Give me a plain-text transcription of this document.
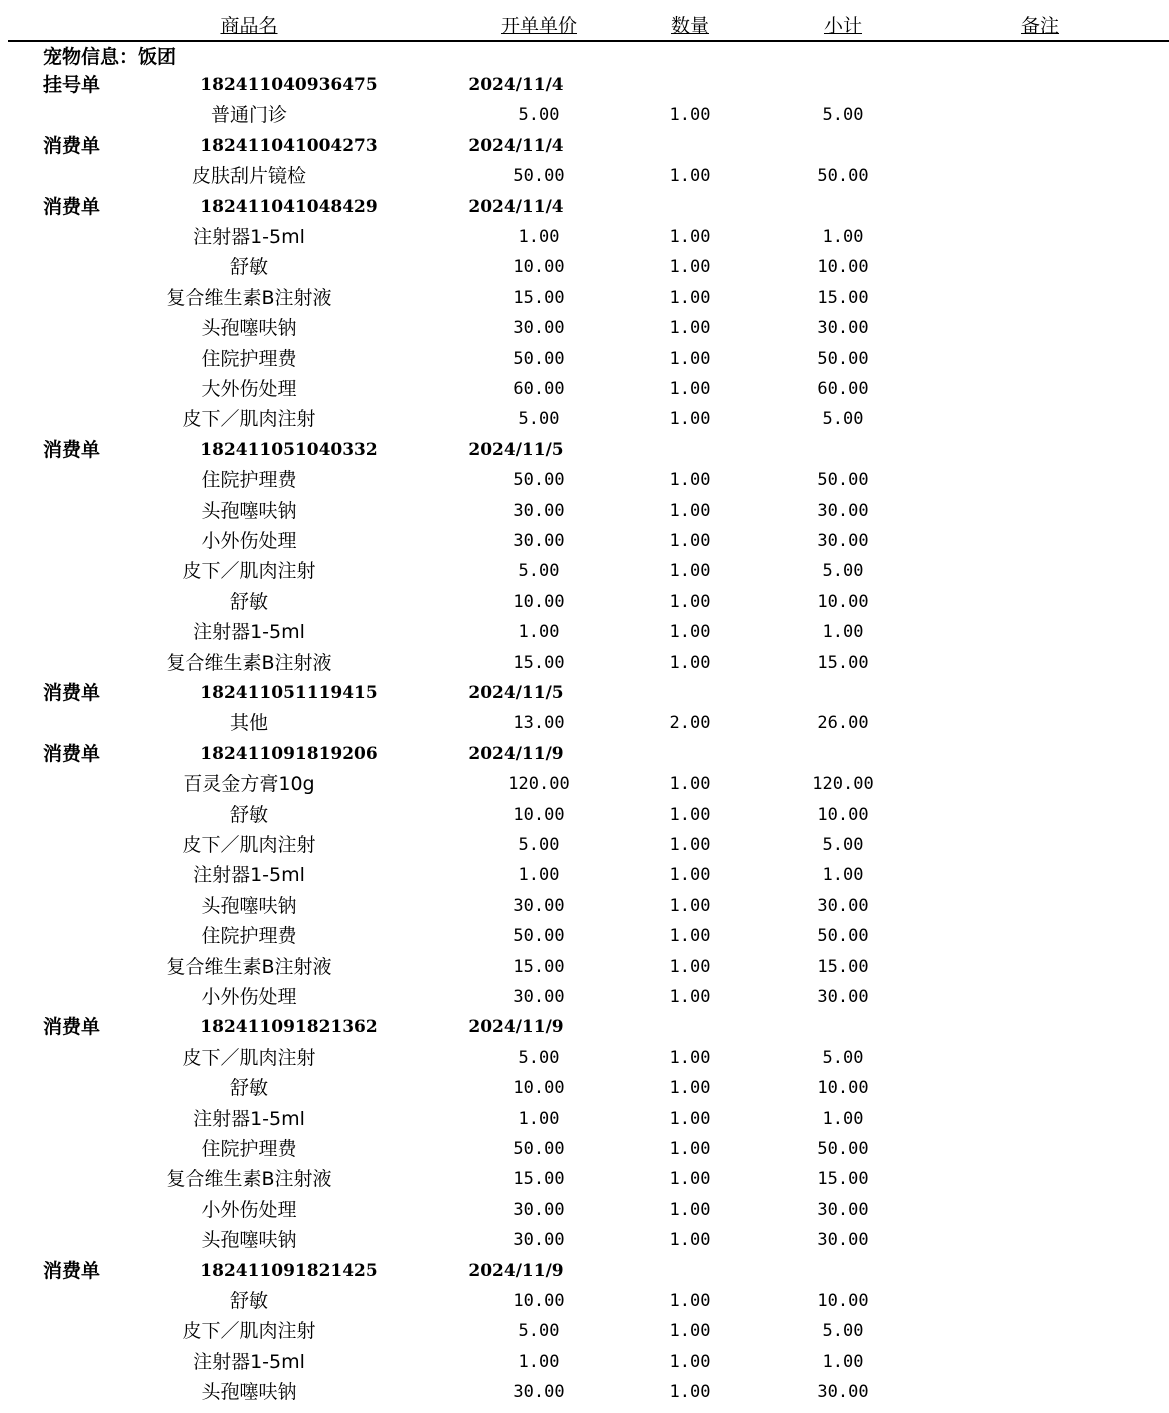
商品名	开单单价	数量	小计	备注
宠物信息：饭团
挂号单	182411040936475	2024/11/4
普通门诊	5.00	1.00	5.00
消费单	182411041004273	2024/11/4
皮肤刮片镜检	50.00	1.00	50.00
消费单	182411041048429	2024/11/4
注射器1-5ml	1.00	1.00	1.00
舒敏	10.00	1.00	10.00
复合维生素B注射液	15.00	1.00	15.00
头孢噻呋钠	30.00	1.00	30.00
住院护理费	50.00	1.00	50.00
大外伤处理	60.00	1.00	60.00
皮下／肌肉注射	5.00	1.00	5.00
消费单	182411051040332	2024/11/5
住院护理费	50.00	1.00	50.00
头孢噻呋钠	30.00	1.00	30.00
小外伤处理	30.00	1.00	30.00
皮下／肌肉注射	5.00	1.00	5.00
舒敏	10.00	1.00	10.00
注射器1-5ml	1.00	1.00	1.00
复合维生素B注射液	15.00	1.00	15.00
消费单	182411051119415	2024/11/5
其他	13.00	2.00	26.00
消费单	182411091819206	2024/11/9
百灵金方膏10g	120.00	1.00	120.00
舒敏	10.00	1.00	10.00
皮下／肌肉注射	5.00	1.00	5.00
注射器1-5ml	1.00	1.00	1.00
头孢噻呋钠	30.00	1.00	30.00
住院护理费	50.00	1.00	50.00
复合维生素B注射液	15.00	1.00	15.00
小外伤处理	30.00	1.00	30.00
消费单	182411091821362	2024/11/9
皮下／肌肉注射	5.00	1.00	5.00
舒敏	10.00	1.00	10.00
注射器1-5ml	1.00	1.00	1.00
住院护理费	50.00	1.00	50.00
复合维生素B注射液	15.00	1.00	15.00
小外伤处理	30.00	1.00	30.00
头孢噻呋钠	30.00	1.00	30.00
消费单	182411091821425	2024/11/9
舒敏	10.00	1.00	10.00
皮下／肌肉注射	5.00	1.00	5.00
注射器1-5ml	1.00	1.00	1.00
头孢噻呋钠	30.00	1.00	30.00
